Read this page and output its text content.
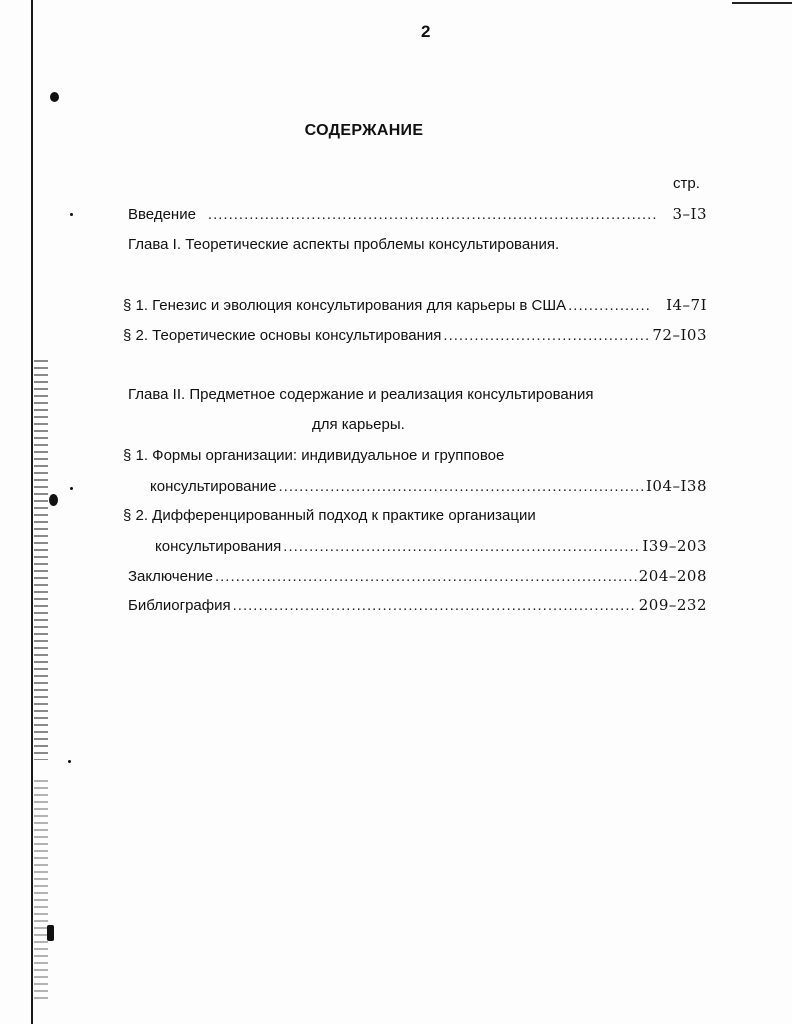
2
СОДЕРЖАНИЕ
стр.
Введение .....	3–I3
Глава I. Теоретические аспекты проблемы консультирования.
§ 1. Генезис и эволюция консультирования для карьеры в США .....	I4–7I
§ 2. Теоретические основы консультирования .....	72–I03
Глава II. Предметное содержание и реализация консультирования
для карьеры.
§ 1. Формы организации: индивидуальное и групповое
консультирование .....	I04–I38
§ 2. Дифференцированный подход к практике организации
консультирования .....	I39–203
Заключение .....	204–208
Библиография .....	209–232
